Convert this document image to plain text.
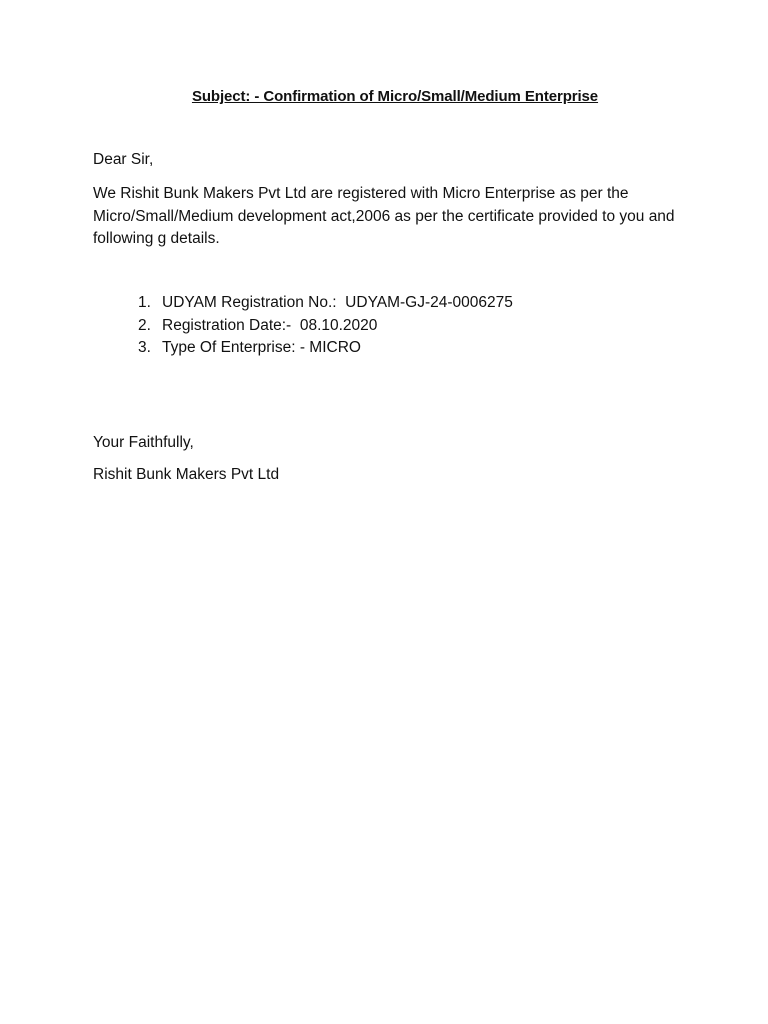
Subject: - Confirmation of Micro/Small/Medium Enterprise
Dear Sir,
We Rishit Bunk Makers Pvt Ltd are registered with Micro Enterprise as per the Micro/Small/Medium development act,2006 as per the certificate provided to you and following g details.
1. UDYAM Registration No.:  UDYAM-GJ-24-0006275
2. Registration Date:-  08.10.2020
3. Type Of Enterprise: - MICRO
Your Faithfully,
Rishit Bunk Makers Pvt Ltd
